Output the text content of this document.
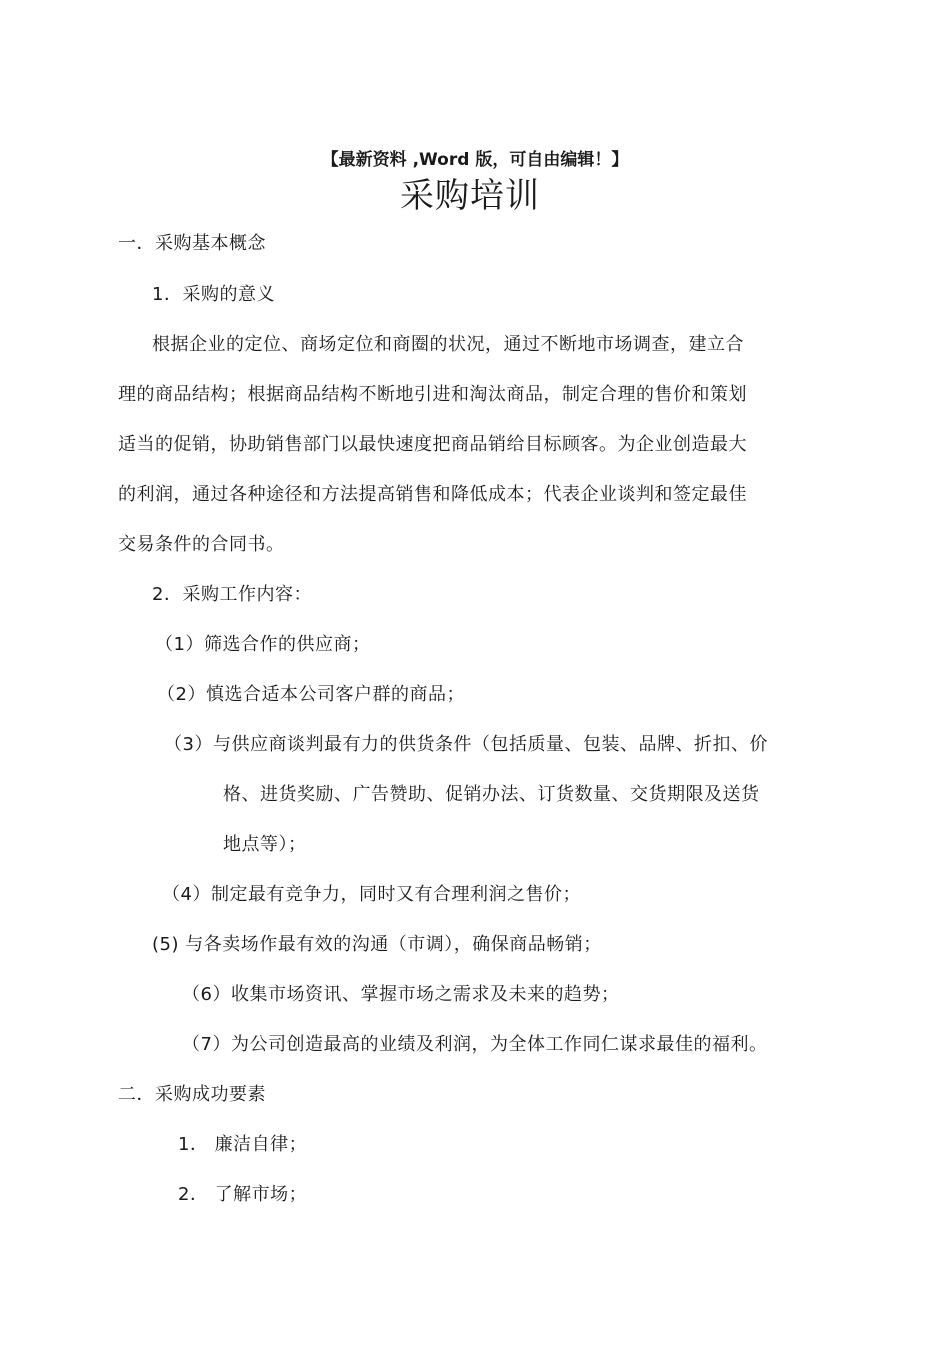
【最新资料 ,Word 版，可自由编辑！】
采购培训
一．采购基本概念
1．采购的意义
根据企业的定位、商场定位和商圈的状况，通过不断地市场调查，建立合
理的商品结构；根据商品结构不断地引进和淘汰商品，制定合理的售价和策划
适当的促销，协助销售部门以最快速度把商品销给目标顾客。为企业创造最大
的利润，通过各种途径和方法提高销售和降低成本；代表企业谈判和签定最佳
交易条件的合同书。
2．采购工作内容：
（1）筛选合作的供应商；
（2）慎选合适本公司客户群的商品；
（3）与供应商谈判最有力的供货条件（包括质量、包装、品牌、折扣、价
格、进货奖励、广告赞助、促销办法、订货数量、交货期限及送货
地点等）；
（4）制定最有竞争力，同时又有合理利润之售价；
(5) 与各卖场作最有效的沟通（市调），确保商品畅销；
（6）收集市场资讯、掌握市场之需求及未来的趋势；
（7）为公司创造最高的业绩及利润，为全体工作同仁谋求最佳的福利。
二．采购成功要素
1． 廉洁自律；
2． 了解市场；
